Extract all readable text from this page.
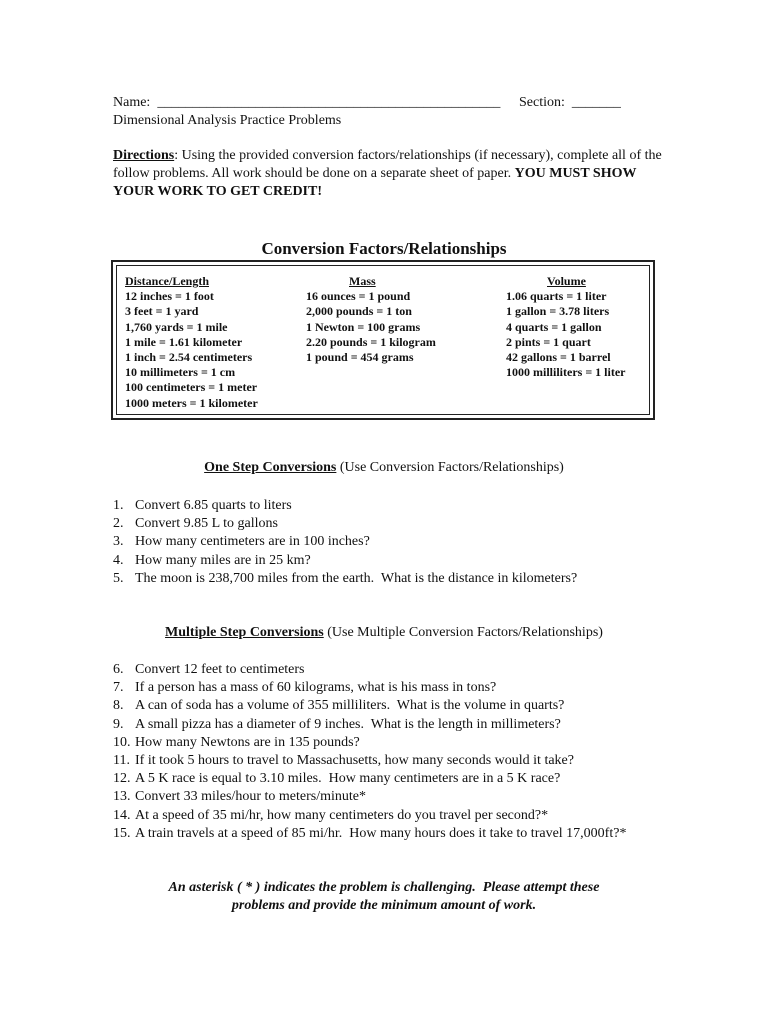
Name:  _________________________________________________ Section:  _______
Dimensional Analysis Practice Problems
Directions: Using the provided conversion factors/relationships (if necessary), complete all of the follow problems. All work should be done on a separate sheet of paper. YOU MUST SHOW YOUR WORK TO GET CREDIT!
Conversion Factors/Relationships
Distance/Length
12 inches = 1 foot
3 feet = 1 yard
1,760 yards = 1 mile
1 mile = 1.61 kilometer
1 inch = 2.54 centimeters
10 millimeters = 1 cm
100 centimeters = 1 meter
1000 meters = 1 kilometer
Mass
16 ounces = 1 pound
2,000 pounds = 1 ton
1 Newton = 100 grams
2.20 pounds = 1 kilogram
1 pound = 454 grams
Volume
1.06 quarts = 1 liter
1 gallon = 3.78 liters
4 quarts = 1 gallon
2 pints = 1 quart
42 gallons = 1 barrel
1000 milliliters = 1 liter
One Step Conversions (Use Conversion Factors/Relationships)
1. Convert 6.85 quarts to liters
2. Convert 9.85 L to gallons
3. How many centimeters are in 100 inches?
4. How many miles are in 25 km?
5. The moon is 238,700 miles from the earth.  What is the distance in kilometers?
Multiple Step Conversions (Use Multiple Conversion Factors/Relationships)
6. Convert 12 feet to centimeters
7. If a person has a mass of 60 kilograms, what is his mass in tons?
8. A can of soda has a volume of 355 milliliters.  What is the volume in quarts?
9. A small pizza has a diameter of 9 inches.  What is the length in millimeters?
10. How many Newtons are in 135 pounds?
11. If it took 5 hours to travel to Massachusetts, how many seconds would it take?
12. A 5 K race is equal to 3.10 miles.  How many centimeters are in a 5 K race?
13. Convert 33 miles/hour to meters/minute*
14. At a speed of 35 mi/hr, how many centimeters do you travel per second?*
15. A train travels at a speed of 85 mi/hr.  How many hours does it take to travel 17,000ft?*
An asterisk ( * ) indicates the problem is challenging.  Please attempt these
problems and provide the minimum amount of work.
